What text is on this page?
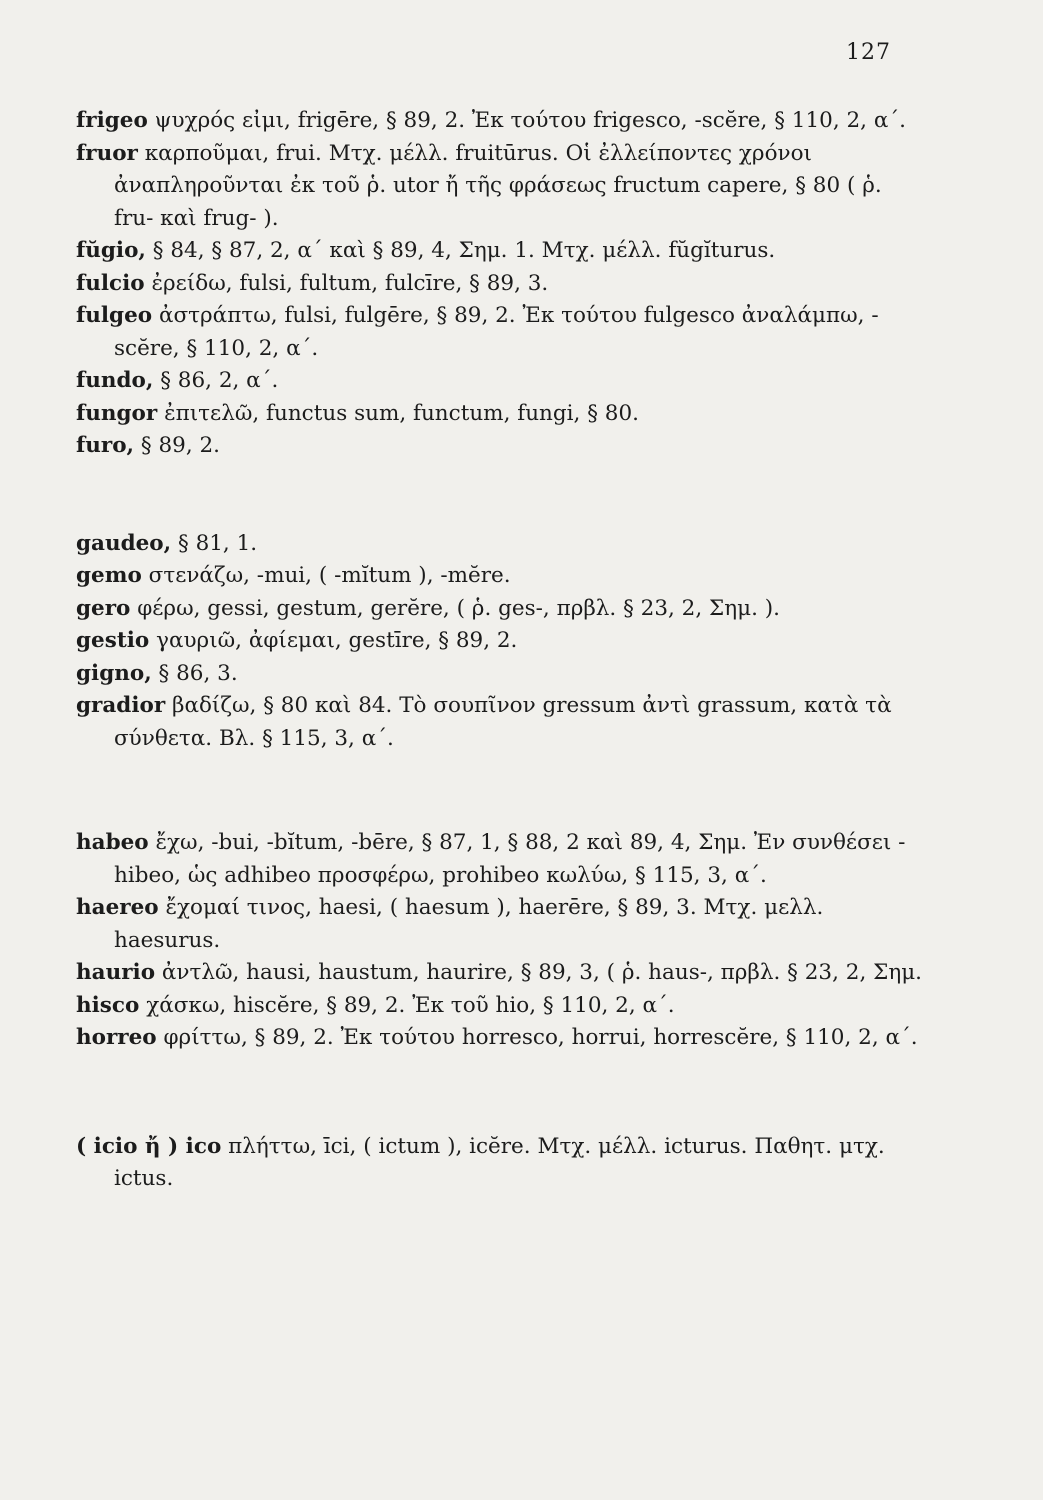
127

frigeo ψυχρός εἰμι, frigēre, § 89, 2. Ἐκ τούτου frigesco, -scĕre, § 110, 2, α΄.

fruor καρποῦμαι, frui. Μτχ. μέλλ. fruitūrus. Οἱ ἐλλείποντες χρόνοι ἀναπληροῦνται ἐκ τοῦ ῥ. utor ἤ τῆς φράσεως fructum capere, § 80 ( ῥ. fru- καὶ frug- ).

fŭgio, § 84, § 87, 2, α΄ καὶ § 89, 4, Σημ. 1. Μτχ. μέλλ. fŭgĭturus.

fulcio ἐρείδω, fulsi, fultum, fulcīre, § 89, 3.

fulgeo ἀστράπτω, fulsi, fulgēre, § 89, 2. Ἐκ τούτου fulgesco ἀναλάμπω, -scĕre, § 110, 2, α΄.

fundo, § 86, 2, α΄.

fungor ἐπιτελῶ, functus sum, functum, fungi, § 80.

furo, § 89, 2.

gaudeo, § 81, 1.

gemo στενάζω, -mui, ( -mĭtum ), -mĕre.

gero φέρω, gessi, gestum, gerĕre, ( ῥ. ges-, πρβλ. § 23, 2, Σημ. ).

gestio γαυριῶ, ἀφίεμαι, gestīre, § 89, 2.

gigno, § 86, 3.

gradior βαδίζω, § 80 καὶ 84. Τὸ σουπῖνον gressum ἀντὶ grassum, κατὰ τὰ σύνθετα. Βλ. § 115, 3, α΄.

habeo ἔχω, -bui, -bĭtum, -bēre, § 87, 1, § 88, 2 καὶ 89, 4, Σημ. Ἐν συνθέσει -hibeo, ὡς adhibeo προσφέρω, prohibeo κωλύω, § 115, 3, α΄.

haereo ἔχομαί τινος, haesi, ( haesum ), haerēre, § 89, 3. Μτχ. μελλ. haesurus.

haurio ἀντλῶ, hausi, haustum, haurire, § 89, 3, ( ῥ. haus-, πρβλ. § 23, 2, Σημ.

hisco χάσκω, hiscĕre, § 89, 2. Ἐκ τοῦ hio, § 110, 2, α΄.

horreo φρίττω, § 89, 2. Ἐκ τούτου horresco, horrui, horrescĕre, § 110, 2, α΄.

( icio ἤ ) ico πλήττω, īci, ( ictum ), icĕre. Μτχ. μέλλ. icturus. Παθητ. μτχ. ictus.
